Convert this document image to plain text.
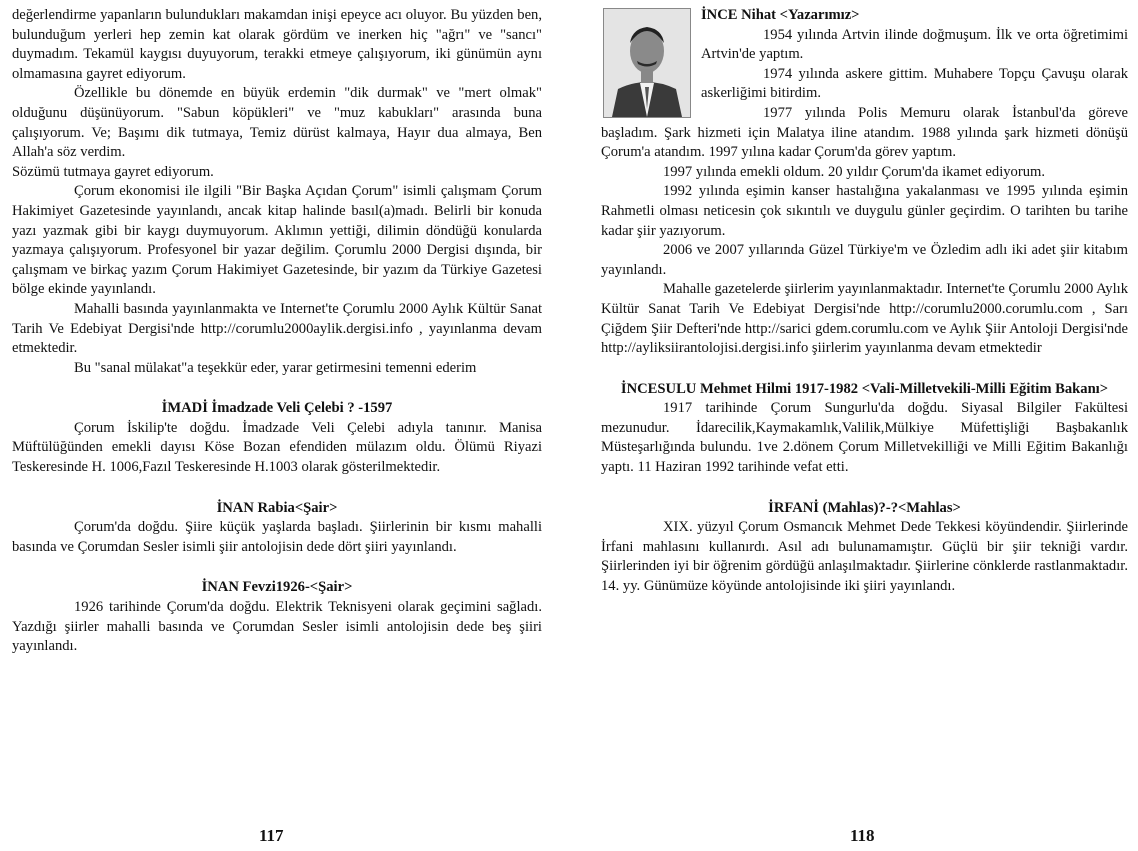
değerlendirme yapanların bulundukları makamdan inişi epeyce acı oluyor. Bu yüzden ben, bulunduğum yerleri hep zemin kat olarak gördüm ve inerken hiç "ağrı" ve "sancı" duymadım. Tekamül kaygısı duyuyorum, terakki etmeye çalışıyorum, iki günümün aynı olmamasına gayret ediyorum.

Özellikle bu dönemde en büyük erdemin "dik durmak" ve "mert olmak" olduğunu düşünüyorum. "Sabun köpükleri" ve "muz kabukları" arasında buna çalışıyorum. Ve; Başımı dik tutmaya, Temiz dürüst kalmaya, Hayır dua almaya, Ben Allah'a söz verdim.

Sözümü tutmaya gayret ediyorum.

Çorum ekonomisi ile ilgili "Bir Başka Açıdan Çorum" isimli çalışmam Çorum Hakimiyet Gazetesinde yayınlandı, ancak kitap halinde basıl(a)madı. Belirli bir konuda yazı yazmak gibi bir kaygı duymuyorum. Aklımın yettiği, dilimin döndüğü konularda yazmaya çalışıyorum. Profesyonel bir yazar değilim. Çorumlu 2000 Dergisi dışında, bir çalışmam ve birkaç yazım Çorum Hakimiyet Gazetesinde, bir yazım da Türkiye Gazetesi bölge ekinde yayınlandı.

Mahalli basında yayınlanmakta ve Internet'te Çorumlu 2000 Aylık Kültür Sanat Tarih Ve Edebiyat Dergisi'nde http://corumlu2000aylik.dergisi.info , yayınlanma devam etmektedir.

Bu "sanal mülakat"a teşekkür eder, yarar getirmesini temenni ederim

İMADİ İmadzade Veli Çelebi ? -1597

Çorum İskilip'te doğdu. İmadzade Veli Çelebi adıyla tanınır. Manisa Müftülüğünden emekli dayısı Köse Bozan efendiden mülazım oldu. Ölümü Riyazi Teskeresinde H. 1006,Fazıl Teskeresinde H.1003 olarak gösterilmektedir.

İNAN Rabia<Şair>

Çorum'da doğdu. Şiire küçük yaşlarda başladı. Şiirlerinin bir kısmı mahalli basında ve Çorumdan Sesler isimli şiir antolojisin dede dört şiiri yayınlandı.

İNAN Fevzi1926-<Şair>

1926 tarihinde Çorum'da doğdu. Elektrik Teknisyeni olarak geçimini sağladı. Yazdığı şiirler mahalli basında ve Çorumdan Sesler isimli antolojisin dede beş şiiri yayınlandı.

117

İNCE Nihat <Yazarımız>

1954 yılında Artvin ilinde doğmuşum. İlk ve orta öğretimimi Artvin'de yaptım.

1974 yılında askere gittim. Muhabere Topçu Çavuşu olarak askerliğimi bitirdim.

1977 yılında Polis Memuru olarak İstanbul'da göreve başladım. Şark hizmeti için Malatya iline atandım. 1988 yılında şark hizmeti dönüşü Çorum'a atandım. 1997 yılına kadar Çorum'da görev yaptım.

1997 yılında emekli oldum. 20 yıldır Çorum'da ikamet ediyorum.

1992 yılında eşimin kanser hastalığına yakalanması ve 1995 yılında eşimin Rahmetli olması neticesin çok sıkıntılı ve duygulu günler geçirdim. O tarihten bu tarihe kadar şiir yazıyorum.

2006 ve 2007 yıllarında Güzel Türkiye'm ve Özledim adlı iki adet şiir kitabım yayınlandı.

Mahalle gazetelerde şiirlerim yayınlanmaktadır. Internet'te Çorumlu 2000 Aylık Kültür Sanat Tarih Ve Edebiyat Dergisi'nde http://corumlu2000.corumlu.com , Sarı Çiğdem Şiir Defteri'nde http://sarici gdem.corumlu.com ve Aylık Şiir Antoloji Dergisi'nde http://ayliksiirantolojisi.dergisi.info şiirlerim yayınlanma devam etmektedir

İNCESULU Mehmet Hilmi 1917-1982 <Vali-Milletvekili-Milli Eğitim Bakanı>

1917 tarihinde Çorum Sungurlu'da doğdu. Siyasal Bilgiler Fakültesi mezunudur. İdarecilik,Kaymakamlık,Valilik,Mülkiye Müfettişliği Başbakanlık Müsteşarlığında bulundu. 1ve 2.dönem Çorum Milletvekilliği ve Milli Eğitim Bakanlığı yaptı. 11 Haziran 1992 tarihinde vefat etti.

İRFANİ (Mahlas)?-?<Mahlas>

XIX. yüzyıl Çorum Osmancık Mehmet Dede Tekkesi köyündendir. Şiirlerinde İrfani mahlasını kullanırdı. Asıl adı bulunamamıştır. Güçlü bir şiir tekniği vardır. Şiirlerinden iyi bir öğrenim gördüğü anlaşılmaktadır. Şiirlerine cönklerde rastlanmaktadır. 14. yy. Günümüze köyünde antolojisinde iki şiiri yayınlandı.

118
